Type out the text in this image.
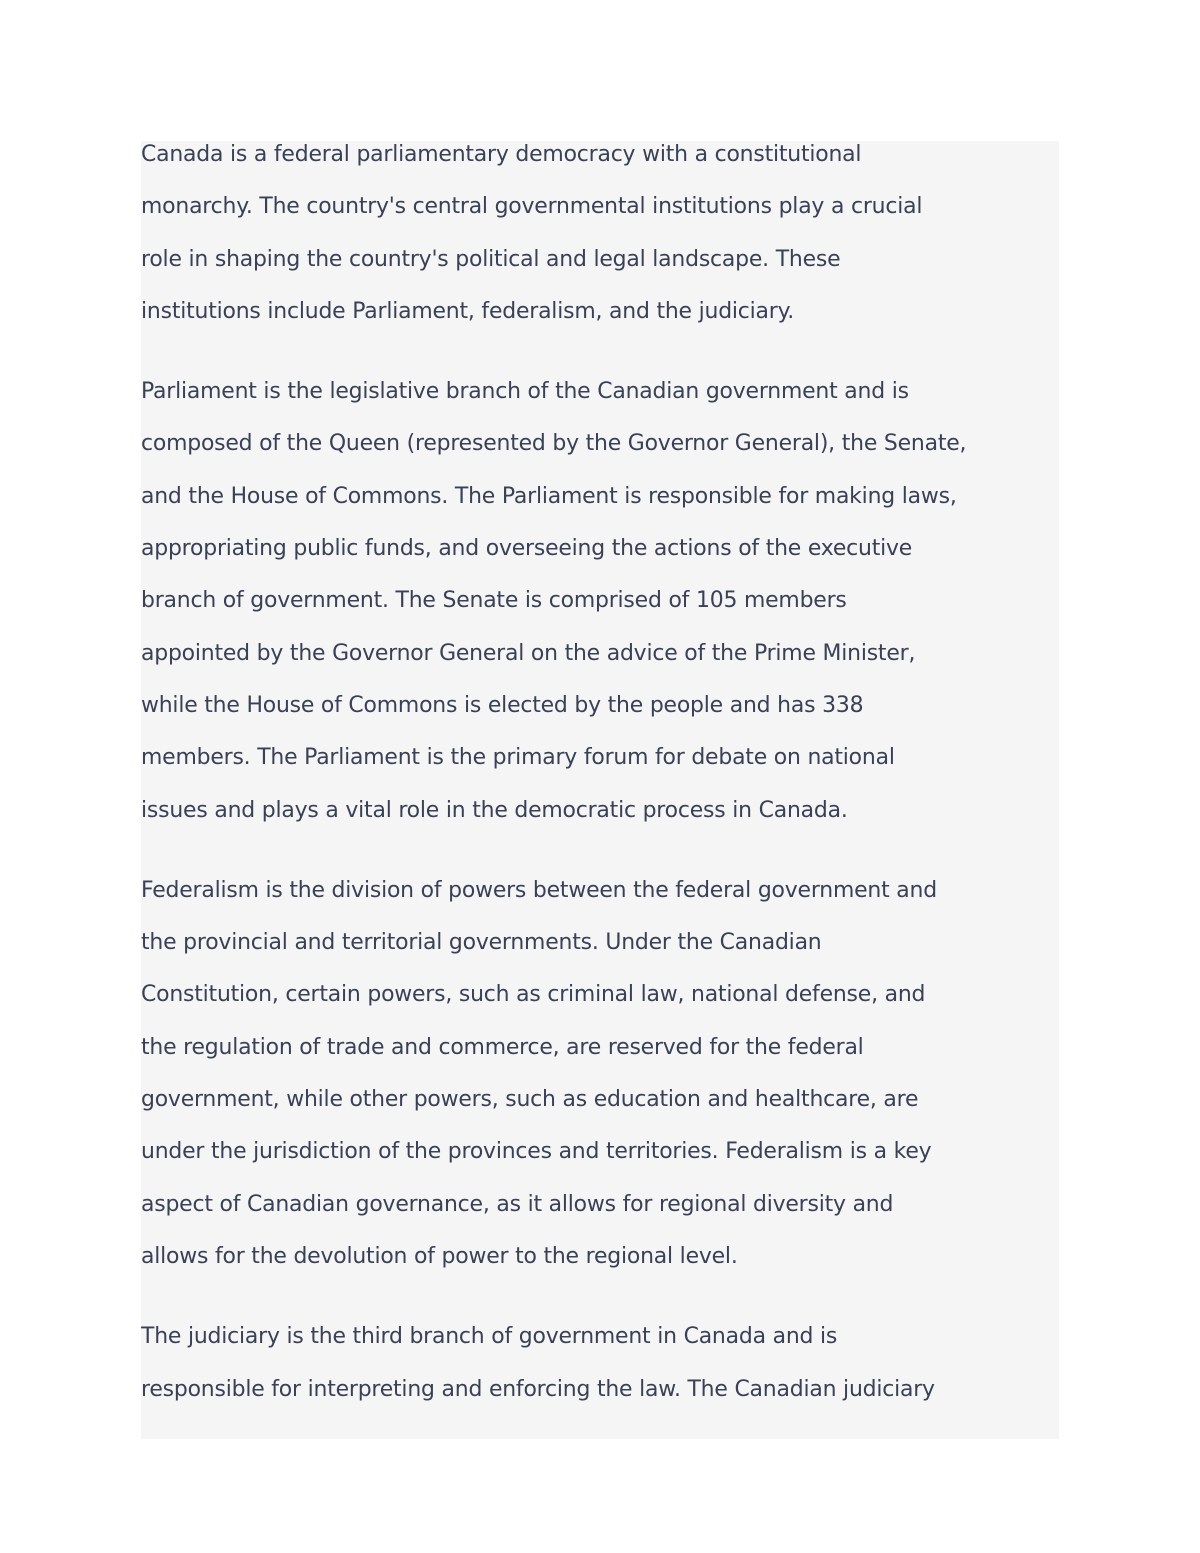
Canada is a federal parliamentary democracy with a constitutional
monarchy. The country's central governmental institutions play a crucial
role in shaping the country's political and legal landscape. These
institutions include Parliament, federalism, and the judiciary.

Parliament is the legislative branch of the Canadian government and is
composed of the Queen (represented by the Governor General), the Senate,
and the House of Commons. The Parliament is responsible for making laws,
appropriating public funds, and overseeing the actions of the executive
branch of government. The Senate is comprised of 105 members
appointed by the Governor General on the advice of the Prime Minister,
while the House of Commons is elected by the people and has 338
members. The Parliament is the primary forum for debate on national
issues and plays a vital role in the democratic process in Canada.

Federalism is the division of powers between the federal government and
the provincial and territorial governments. Under the Canadian
Constitution, certain powers, such as criminal law, national defense, and
the regulation of trade and commerce, are reserved for the federal
government, while other powers, such as education and healthcare, are
under the jurisdiction of the provinces and territories. Federalism is a key
aspect of Canadian governance, as it allows for regional diversity and
allows for the devolution of power to the regional level.

The judiciary is the third branch of government in Canada and is
responsible for interpreting and enforcing the law. The Canadian judiciary
